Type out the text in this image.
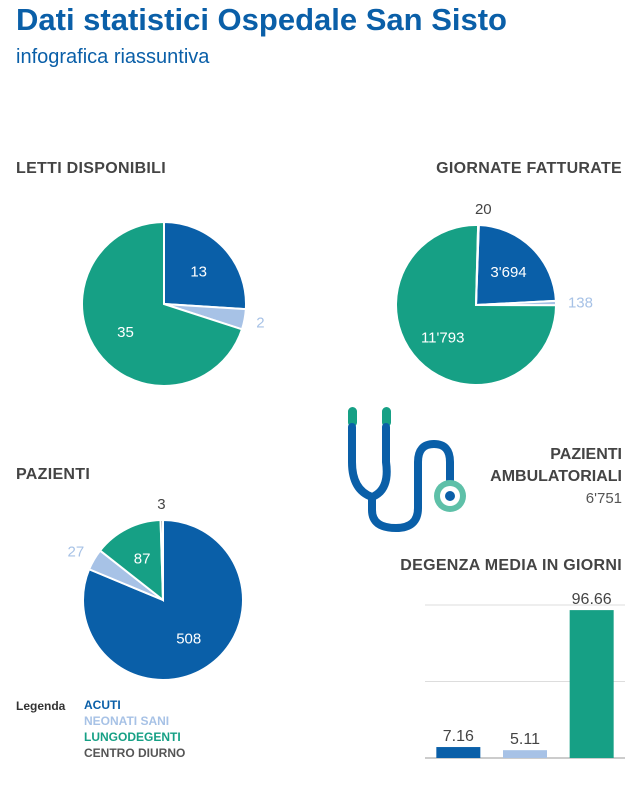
Dati statistici Ospedale San Sisto
infografica riassuntiva
LETTI DISPONIBILI
13
2
35
GIORNATE FATTURATE
3'694
138
11'793
20
PAZIENTI
508
27	87
3
PAZIENTI
AMBULATORIALI
6'751
DEGENZA MEDIA IN GIORNI
7.16 5.11
96.66
Legenda ACUTI
NEONATI SANI
LUNGODEGENTI
CENTRO DIURNO
